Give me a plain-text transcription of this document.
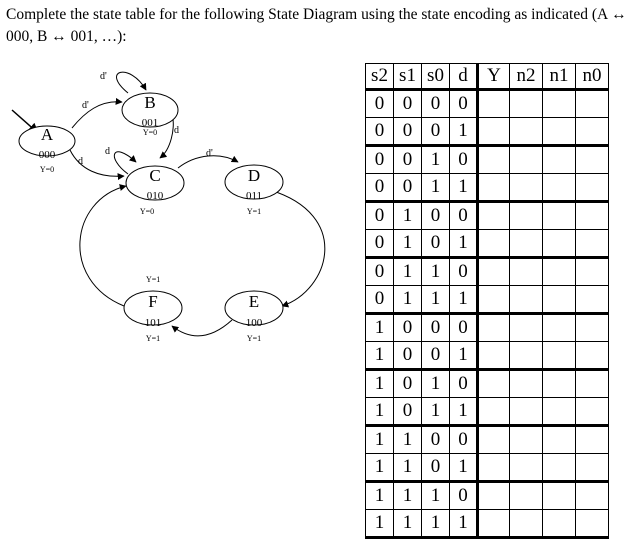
Complete the state table for the following State Diagram using the state encoding as indicated (A ↔ 000, B ↔ 001, …):

A
000
Y=0
B
001
Y=0
C
010
Y=0
D
011
Y=1
E
100
Y=1
F
101
Y=1
d'
d'
d
d
d	d'
Y=1
s2	s1	s0	d	Y	n2	n1	n0
0	0	0	0				
0	0	0	1				
0	0	1	0				
0	0	1	1				
0	1	0	0				
0	1	0	1				
0	1	1	0				
0	1	1	1				
1	0	0	0				
1	0	0	1				
1	0	1	0				
1	0	1	1				
1	1	0	0				
1	1	0	1				
1	1	1	0				
1	1	1	1				
